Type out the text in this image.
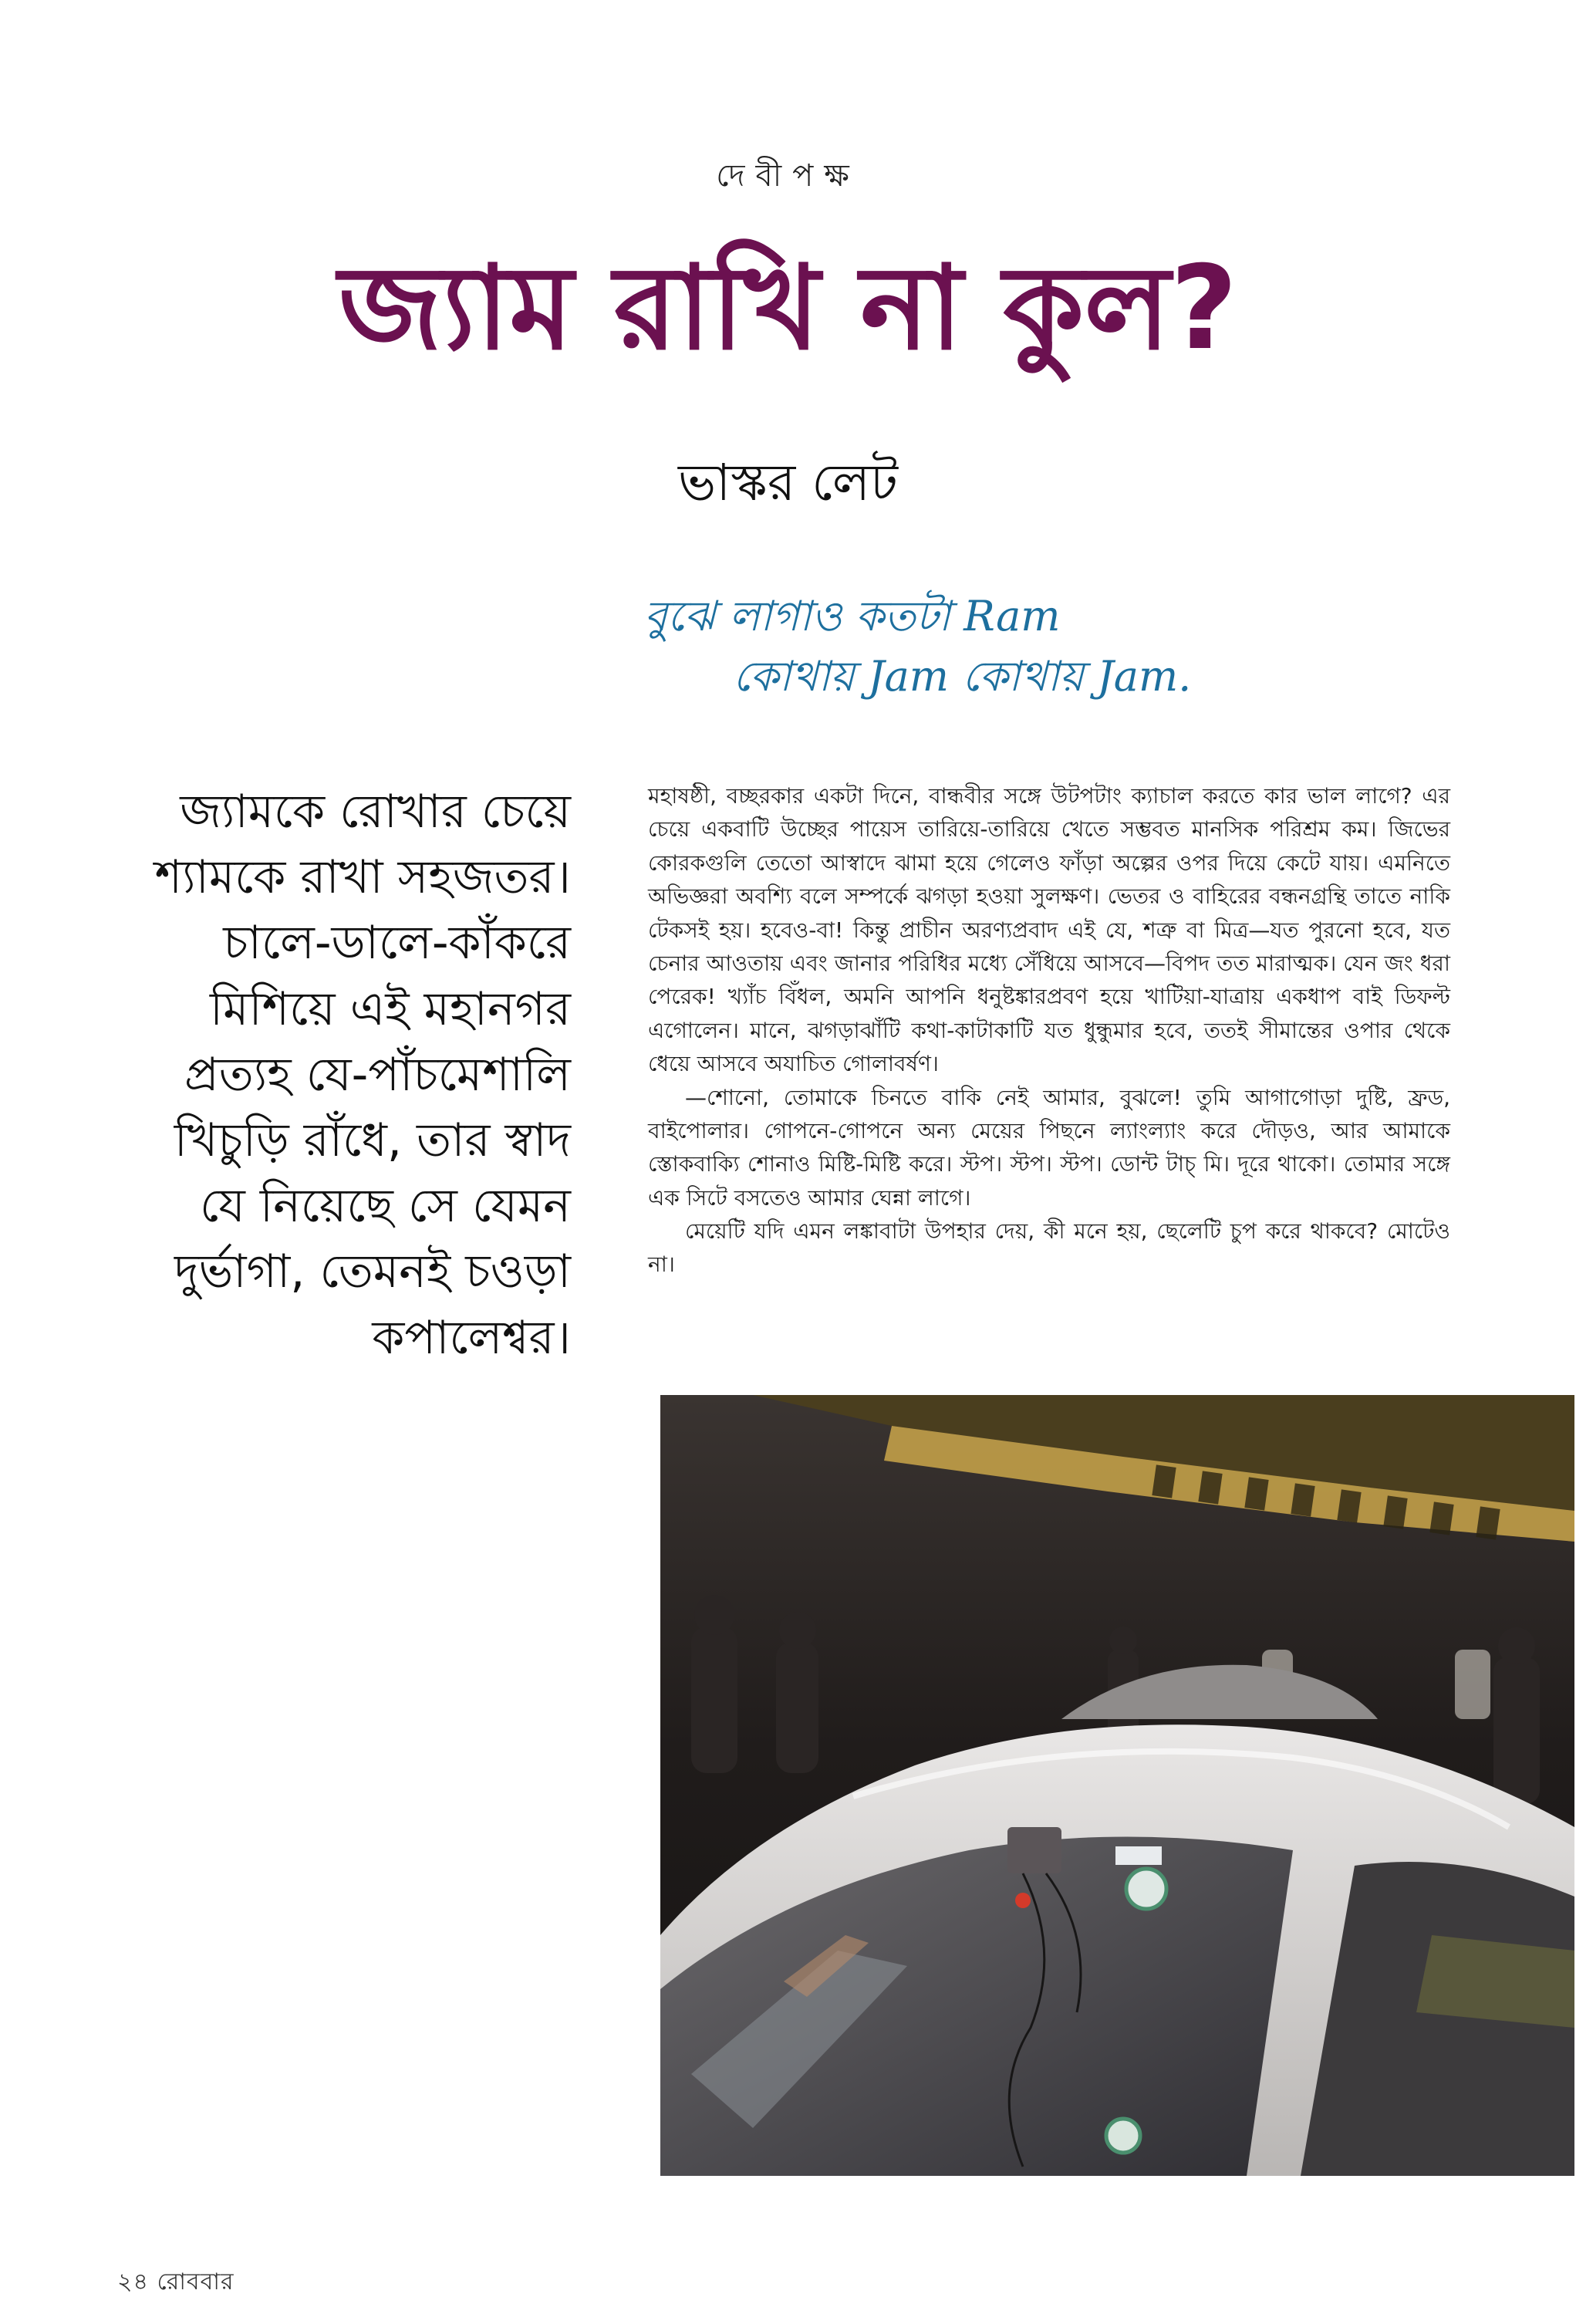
দেবীপক্ষ
জ্যাম রাখি না কুল?
ভাস্কর লেট
বুঝে লাগাও কতটা Ram
কোথায় Jam কোথায় Jam.

জ্যামকে রোখার চেয়ে শ্যামকে রাখা সহজতর। চালে-ডালে-কাঁকরে মিশিয়ে এই মহানগর প্রত্যহ যে-পাঁচমেশালি খিচুড়ি রাঁধে, তার স্বাদ যে নিয়েছে সে যেমন দুর্ভাগা, তেমনই চওড়া কপালেশ্বর।

মহাষষ্ঠী, বচ্ছরকার একটা দিনে, বান্ধবীর সঙ্গে উটপটাং ক্যাচাল করতে কার ভাল লাগে? এর চেয়ে একবাটি উচ্ছের পায়েস তারিয়ে-তারিয়ে খেতে সম্ভবত মানসিক পরিশ্রম কম। জিভের কোরকগুলি তেতো আস্বাদে ঝামা হয়ে গেলেও ফাঁড়া অল্পের ওপর দিয়ে কেটে যায়। এমনিতে অভিজ্ঞরা অবশ্যি বলে সম্পর্কে ঝগড়া হওয়া সুলক্ষণ। ভেতর ও বাহিরের বন্ধনগ্রন্থি তাতে নাকি টেকসই হয়। হবেও-বা! কিন্তু প্রাচীন অরণ্যপ্রবাদ এই যে, শত্রু বা মিত্র—যত পুরনো হবে, যত চেনার আওতায় এবং জানার পরিধির মধ্যে সেঁধিয়ে আসবে—বিপদ তত মারাত্মক। যেন জং ধরা পেরেক! খ্যাঁচ বিঁধল, অমনি আপনি ধনুষ্টঙ্কারপ্রবণ হয়ে খাটিয়া-যাত্রায় একধাপ বাই ডিফল্ট এগোলেন। মানে, ঝগড়াঝাঁটি কথা-কাটাকাটি যত ধুন্ধুমার হবে, ততই সীমান্তের ওপার থেকে ধেয়ে আসবে অযাচিত গোলাবর্ষণ।

—শোনো, তোমাকে চিনতে বাকি নেই আমার, বুঝলে! তুমি আগাগোড়া দুষ্টি, ফ্রড, বাইপোলার। গোপনে-গোপনে অন্য মেয়ের পিছনে ল্যাংল্যাং করে দৌড়ও, আর আমাকে স্তোকবাক্যি শোনাও মিষ্টি-মিষ্টি করে। স্টপ। স্টপ। স্টপ। ডোন্ট টাচ্ মি। দূরে থাকো। তোমার সঙ্গে এক সিটে বসতেও আমার ঘেন্না লাগে।

মেয়েটি যদি এমন লঙ্কাবাটা উপহার দেয়, কী মনে হয়, ছেলেটি চুপ করে থাকবে? মোটেও না।

২৪ রোববার
